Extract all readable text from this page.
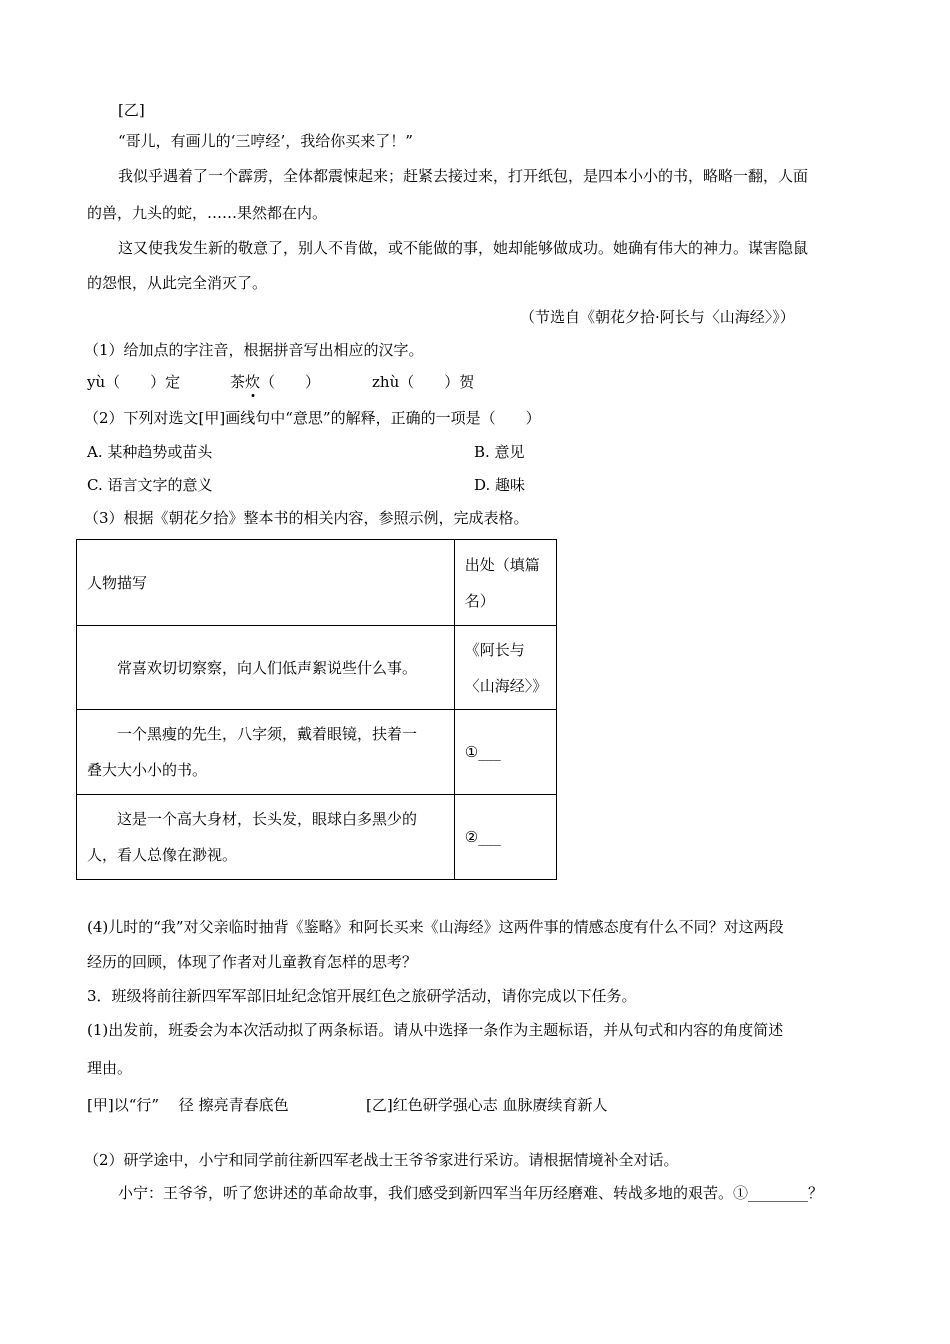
[乙]
“哥儿，有画儿的‘三哼经’，我给你买来了！”
我似乎遇着了一个霹雳，全体都震悚起来；赶紧去接过来，打开纸包，是四本小小的书，略略一翻，人面
的兽，九头的蛇，……果然都在内。
这又使我发生新的敬意了，别人不肯做，或不能做的事，她却能够做成功。她确有伟大的神力。谋害隐鼠
的怨恨，从此完全消灭了。
（节选自《朝花夕拾·阿长与〈山海经〉》）
（1）给加点的字注音，根据拼音写出相应的汉字。
yù（　　）定	茶炊（　　）	zhù（　　）贺
（2）下列对选文[甲]画线句中“意思”的解释，正确的一项是（　　）
A. 某种趋势或苗头	B. 意见
C. 语言文字的意义	D. 趣味
（3）根据《朝花夕拾》整本书的相关内容，参照示例，完成表格。
人物描写	出处（填篇
名）

常喜欢切切察察，向人们低声絮说些什么事。	《阿长与
〈山海经〉》

一个黑瘦的先生，八字须，戴着眼镜，扶着一
叠大大小小的书。	①___

这是一个高大身材，长头发，眼球白多黑少的
人，看人总像在渺视。	②___
(4)儿时的“我”对父亲临时抽背《鉴略》和阿长买来《山海经》这两件事的情感态度有什么不同？对这两段
经历的回顾，体现了作者对儿童教育怎样的思考？
3．班级将前往新四军军部旧址纪念馆开展红色之旅研学活动，请你完成以下任务。
(1)出发前，班委会为本次活动拟了两条标语。请从中选择一条作为主题标语，并从句式和内容的角度简述
理由。
[甲]以“行”　 径 擦亮青春底色	[乙]红色研学强心志 血脉赓续育新人
（2）研学途中，小宁和同学前往新四军老战士王爷爷家进行采访。请根据情境补全对话。
小宁：王爷爷，听了您讲述的革命故事，我们感受到新四军当年历经磨难、转战多地的艰苦。①________？
